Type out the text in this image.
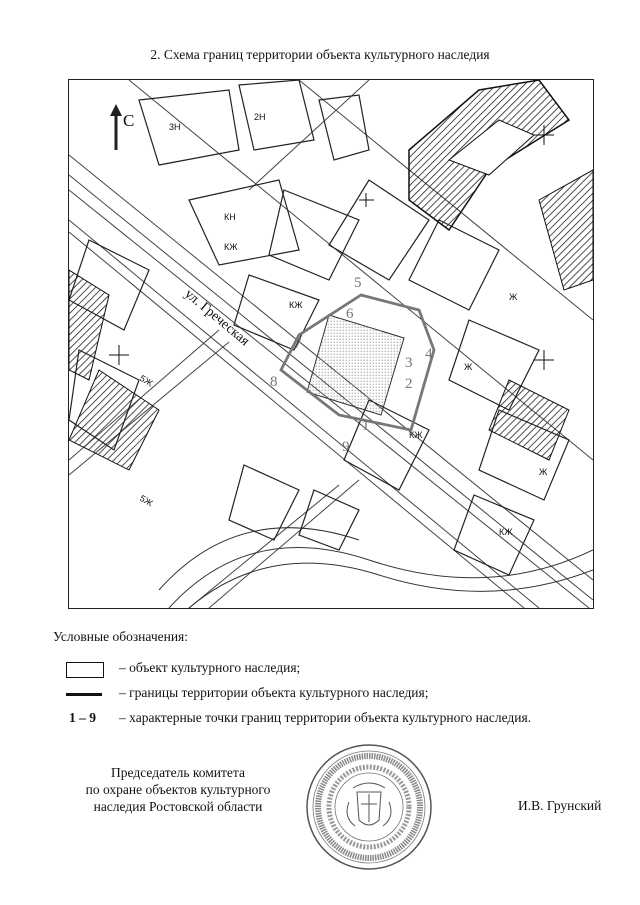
2. Схема границ территории объекта культурного наследия
С
ул. Греческая
детсад
1
2
3
4
5
6
7
8
9
КЖ
КЖ
КЖ
КЖ
2Н
3Н
5Ж
5Ж
КН
Ж
Ж
Ж
Условные обозначения:
– объект культурного наследия;
– границы территории объекта культурного наследия;
1 – 9 – характерные точки границ территории объекта культурного наследия.
Председатель комитета
по охране объектов культурного
наследия Ростовской области	И.В. Грунский
